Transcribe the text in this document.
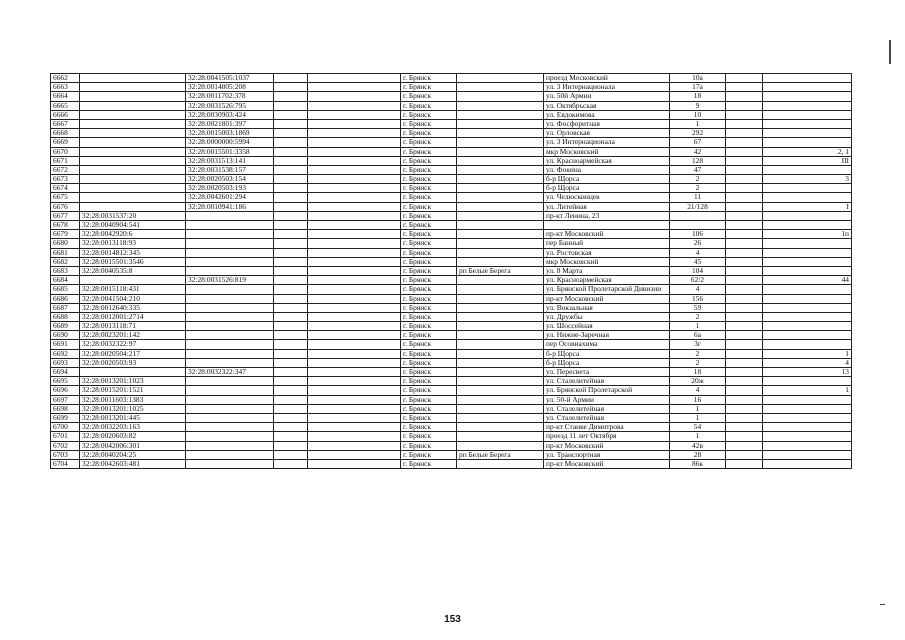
6662		32:28:0041505:1037			г. Брянск		проезд Московский	10а		
6663		32:28:0014805:208			г. Брянск		ул. 3 Интернационала	17а		
6664		32:28:0011702:378			г. Брянск		ул. 50й Армии	18		
6665		32:28:0031526:795			г. Брянск		ул. Октябрьская	9		
6666		32:28:0030903:424			г. Брянск		ул. Евдокимова	10		
6667		32:28:0021801:397			г. Брянск		ул. Фосфоритная	1		
6668		32:28:0015003:1869			г. Брянск		ул. Орловская	292		
6669		32:28:0000000:5994			г. Брянск		ул. 3 Интернационала	67		
6670		32:28:0015501:3358			г. Брянск		мкр Московский	42		2, 1
6671		32:28:0031513:141			г. Брянск		ул. Красноармейская	128		III
6672		32:28:0031538:157			г. Брянск		ул. Фокина	47		
6673		32:28:0020503:154			г. Брянск		б-р Щорса	2		3
6674		32:28:0020503:193			г. Брянск		б-р Щорса	2		
6675		32:28:0042601:294			г. Брянск		ул. Челюскинцев	11		
6676		32:28:0010941:186			г. Брянск		ул. Литейная	21/128		I
6677	32:28:0031537:20				г. Брянск		пр-кт Ленина, 23			
6678	32:28:0040904:541				г. Брянск					
6679	32:28:0042920:6				г. Брянск		пр-кт Московский	106		1п
6680	32:28:0013118:93				г. Брянск		пер Банный	26		
6681	32:28:0014812:345				г. Брянск		ул. Ростовская	4		
6682	32:28:0015501:3546				г. Брянск		мкр Московский	45		
6683	32:28:0040535:8				г. Брянск	рп Белые Берега	ул. 8 Марта	104		
6684		32:28:0031526:819			г. Брянск		ул. Красноармейская	62/2		44
6685	32:28:0015118:431				г. Брянск		ул. Брянской Пролетарской Дивизии	4		
6686	32:28:0041504:210				г. Брянск		пр-кт Московский	156		
6687	32:28:0012640:335				г. Брянск		ул. Вокзальная	59		
6688	32:28:0012001:2714				г. Брянск		ул. Дружбы	2		
6689	32:28:0013118:71				г. Брянск		ул. Шоссейная	1		
6690	32:28:0023201:142				г. Брянск		ул. Нижне-Заречная	6а		
6691	32:28:0032322:97				г. Брянск		пер Осовиахима	3г		
6692	32:28:0020504:217				г. Брянск		б-р Щорса	2		1
6693	32:28:0020503:93				г. Брянск		б-р Щорса	2		4
6694		32:28:0032322:347			г. Брянск		ул. Пересвета	18		13
6695	32:28:0013201:1023				г. Брянск		ул. Сталелитейная	20ж		
6696	32:28:0015201:1521				г. Брянск		ул. Брянской Пролетарской	4		1
6697	32:28:0011603:1383				г. Брянск		ул. 50-й Армии	16		
6698	32:28:0013201:1025				г. Брянск		ул. Сталелитейная	1		
6699	32:28:0013201:445				г. Брянск		ул. Сталелитейная	1		
6700	32:28:0032203:163				г. Брянск		пр-кт Станке Димитрова	54		
6701	32:28:0020603:82				г. Брянск		проезд 11 лет Октября	1		
6702	32:28:0042006:301				г. Брянск		пр-кт Московский	42в		
6703	32:28:0040204:25				г. Брянск	рп Белые Берега	ул. Транспортная	28		
6704	32:28:0042603:481				г. Брянск		пр-кт Московский	86к		
153
